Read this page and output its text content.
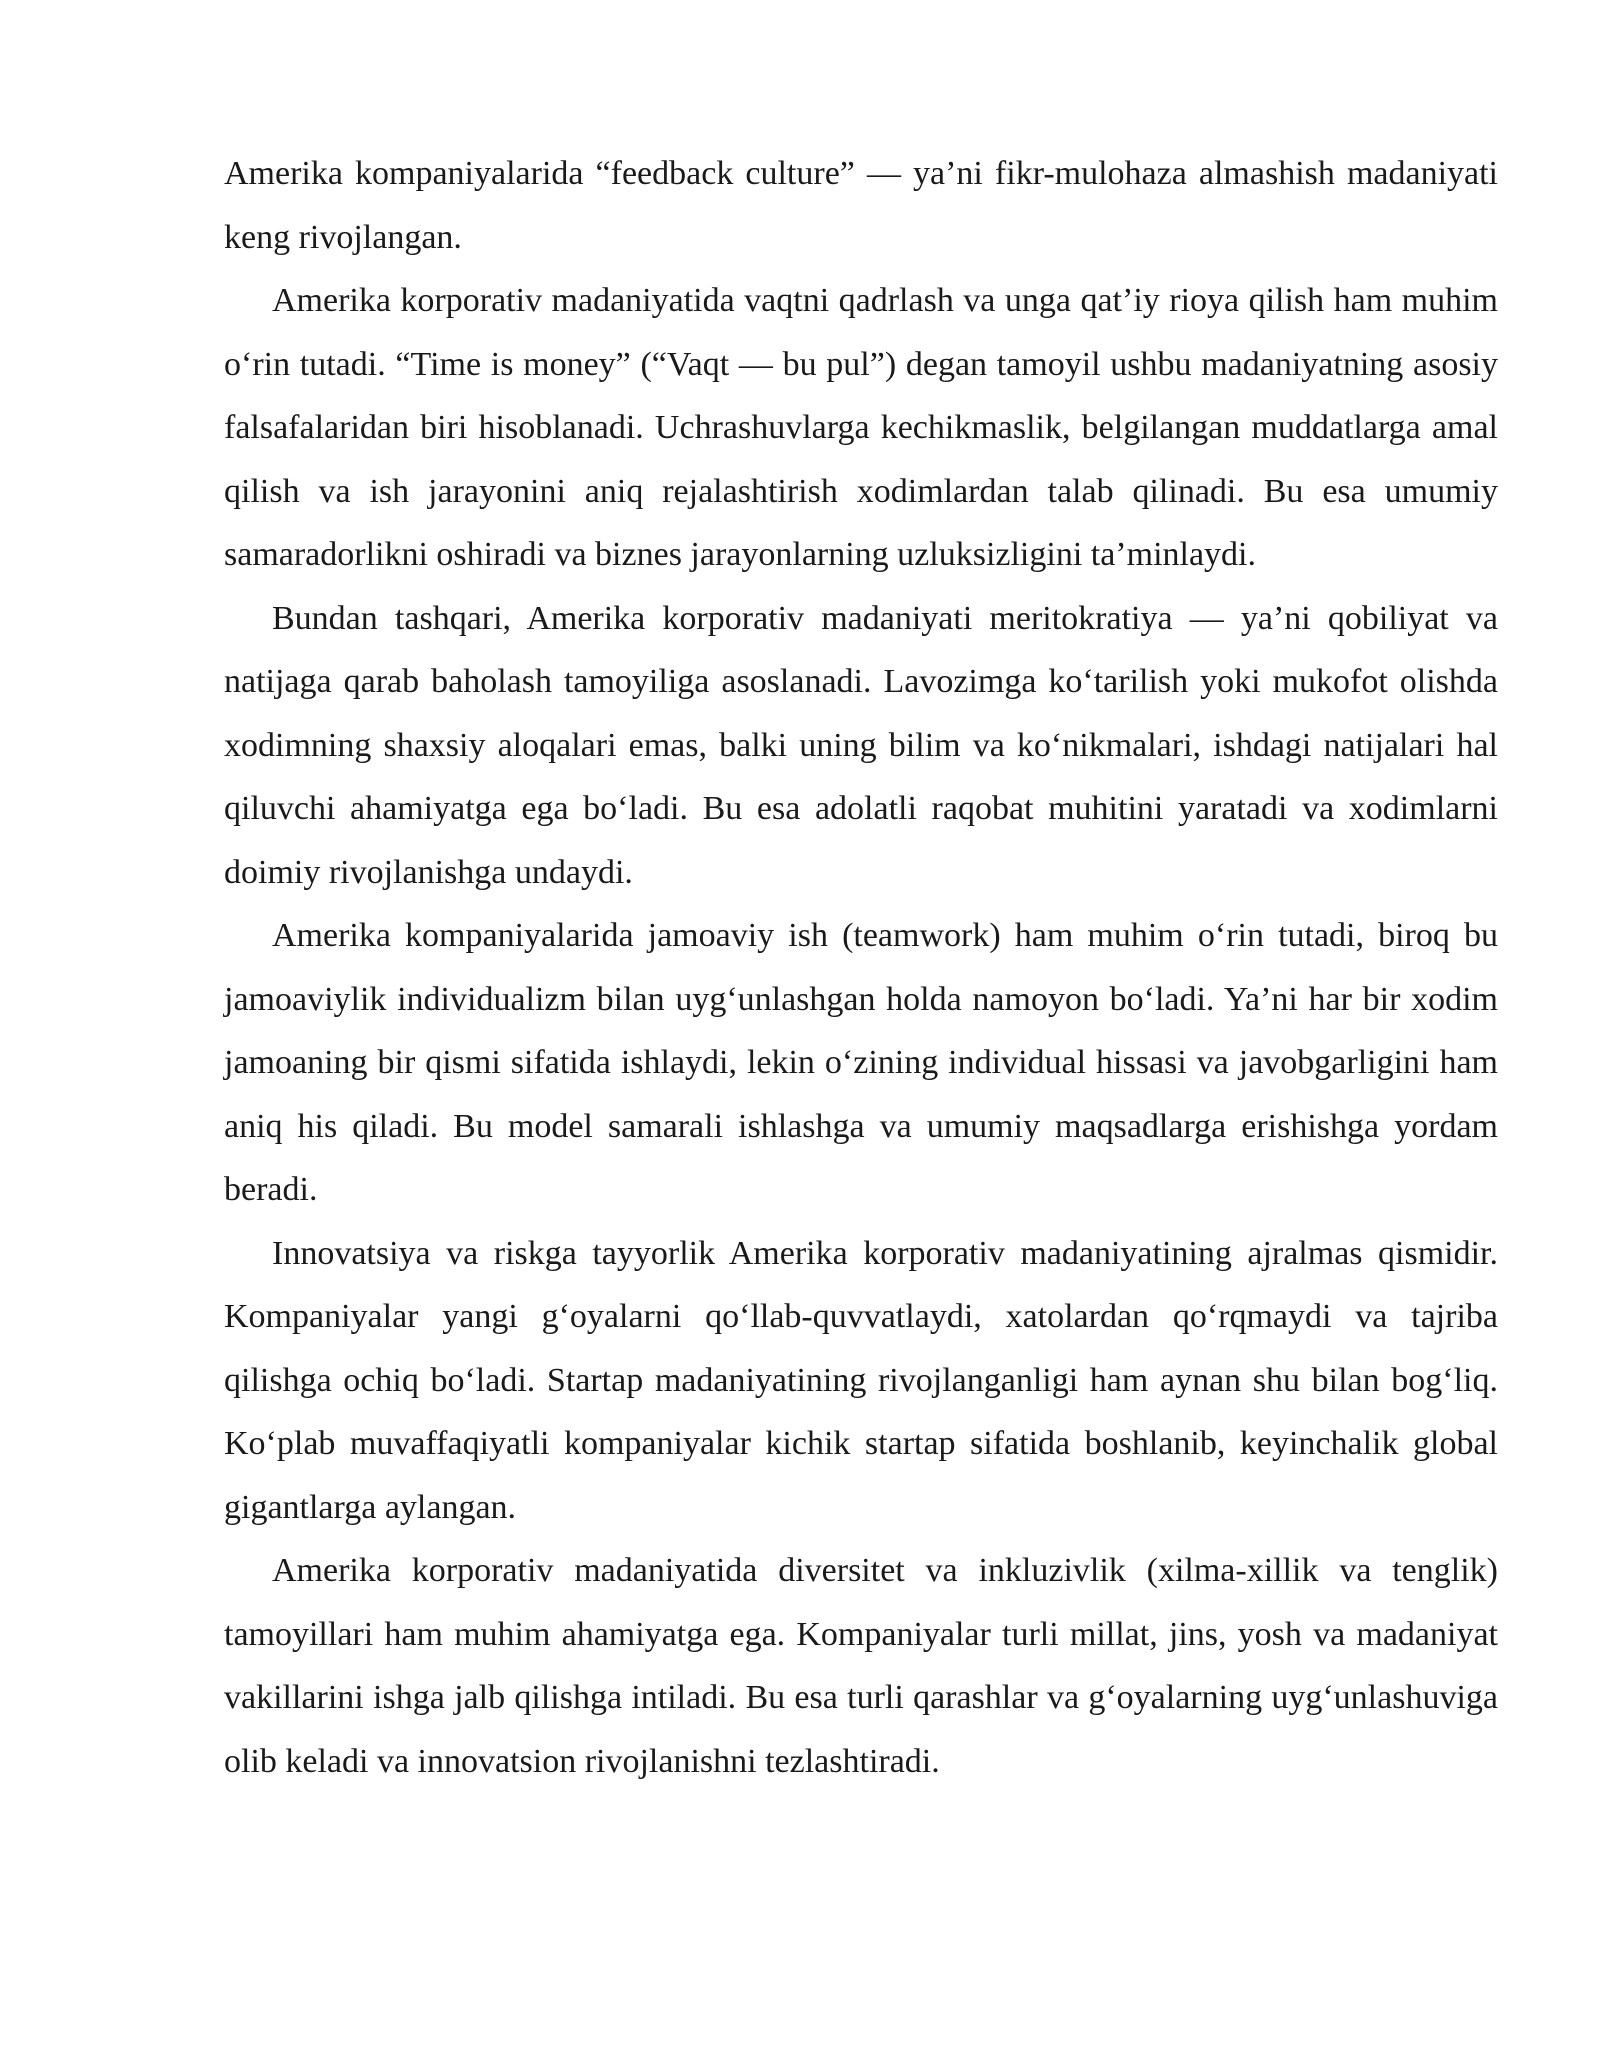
Amerika kompaniyalarida “feedback culture” — ya’ni fikr-mulohaza almashish madaniyati keng rivojlangan.

Amerika korporativ madaniyatida vaqtni qadrlash va unga qat’iy rioya qilish ham muhim o‘rin tutadi. “Time is money” (“Vaqt — bu pul”) degan tamoyil ushbu madaniyatning asosiy falsafalaridan biri hisoblanadi. Uchrashuvlarga kechikmaslik, belgilangan muddatlarga amal qilish va ish jarayonini aniq rejalashtirish xodimlardan talab qilinadi. Bu esa umumiy samaradorlikni oshiradi va biznes jarayonlarning uzluksizligini ta’minlaydi.

Bundan tashqari, Amerika korporativ madaniyati meritokratiya — ya’ni qobiliyat va natijaga qarab baholash tamoyiliga asoslanadi. Lavozimga ko‘tarilish yoki mukofot olishda xodimning shaxsiy aloqalari emas, balki uning bilim va ko‘nikmalari, ishdagi natijalari hal qiluvchi ahamiyatga ega bo‘ladi. Bu esa adolatli raqobat muhitini yaratadi va xodimlarni doimiy rivojlanishga undaydi.

Amerika kompaniyalarida jamoaviy ish (teamwork) ham muhim o‘rin tutadi, biroq bu jamoaviylik individualizm bilan uyg‘unlashgan holda namoyon bo‘ladi. Ya’ni har bir xodim jamoaning bir qismi sifatida ishlaydi, lekin o‘zining individual hissasi va javobgarligini ham aniq his qiladi. Bu model samarali ishlashga va umumiy maqsadlarga erishishga yordam beradi.

Innovatsiya va riskga tayyorlik Amerika korporativ madaniyatining ajralmas qismidir. Kompaniyalar yangi g‘oyalarni qo‘llab-quvvatlaydi, xatolardan qo‘rqmaydi va tajriba qilishga ochiq bo‘ladi. Startap madaniyatining rivojlanganligi ham aynan shu bilan bog‘liq. Ko‘plab muvaffaqiyatli kompaniyalar kichik startap sifatida boshlanib, keyinchalik global gigantlarga aylangan.

Amerika korporativ madaniyatida diversitet va inkluzivlik (xilma-xillik va tenglik) tamoyillari ham muhim ahamiyatga ega. Kompaniyalar turli millat, jins, yosh va madaniyat vakillarini ishga jalb qilishga intiladi. Bu esa turli qarashlar va g‘oyalarning uyg‘unlashuviga olib keladi va innovatsion rivojlanishni tezlashtiradi.
